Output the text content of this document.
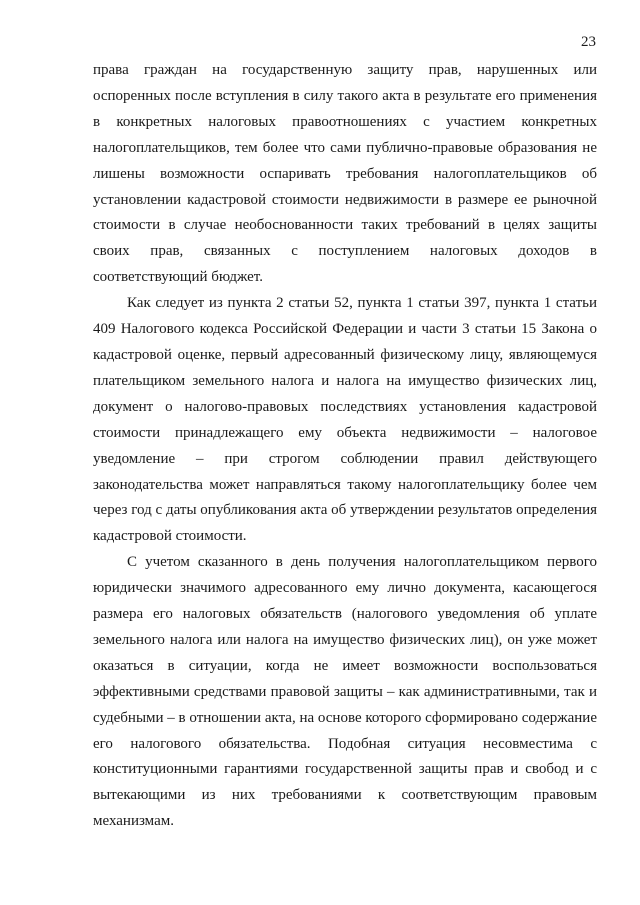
23

права граждан на государственную защиту прав, нарушенных или оспоренных после вступления в силу такого акта в результате его применения в конкретных налоговых правоотношениях с участием конкретных налогоплательщиков, тем более что сами публично-правовые образования не лишены возможности оспаривать требования налогоплательщиков об установлении кадастровой стоимости недвижимости в размере ее рыночной стоимости в случае необоснованности таких требований в целях защиты своих прав, связанных с поступлением налоговых доходов в соответствующий бюджет.

Как следует из пункта 2 статьи 52, пункта 1 статьи 397, пункта 1 статьи 409 Налогового кодекса Российской Федерации и части 3 статьи 15 Закона о кадастровой оценке, первый адресованный физическому лицу, являющемуся плательщиком земельного налога и налога на имущество физических лиц, документ о налогово-правовых последствиях установления кадастровой стоимости принадлежащего ему объекта недвижимости – налоговое уведомление – при строгом соблюдении правил действующего законодательства может направляться такому налогоплательщику более чем через год с даты опубликования акта об утверждении результатов определения кадастровой стоимости.

С учетом сказанного в день получения налогоплательщиком первого юридически значимого адресованного ему лично документа, касающегося размера его налоговых обязательств (налогового уведомления об уплате земельного налога или налога на имущество физических лиц), он уже может оказаться в ситуации, когда не имеет возможности воспользоваться эффективными средствами правовой защиты – как административными, так и судебными – в отношении акта, на основе которого сформировано содержание его налогового обязательства. Подобная ситуация несовместима с конституционными гарантиями государственной защиты прав и свобод и с вытекающими из них требованиями к соответствующим правовым механизмам.
